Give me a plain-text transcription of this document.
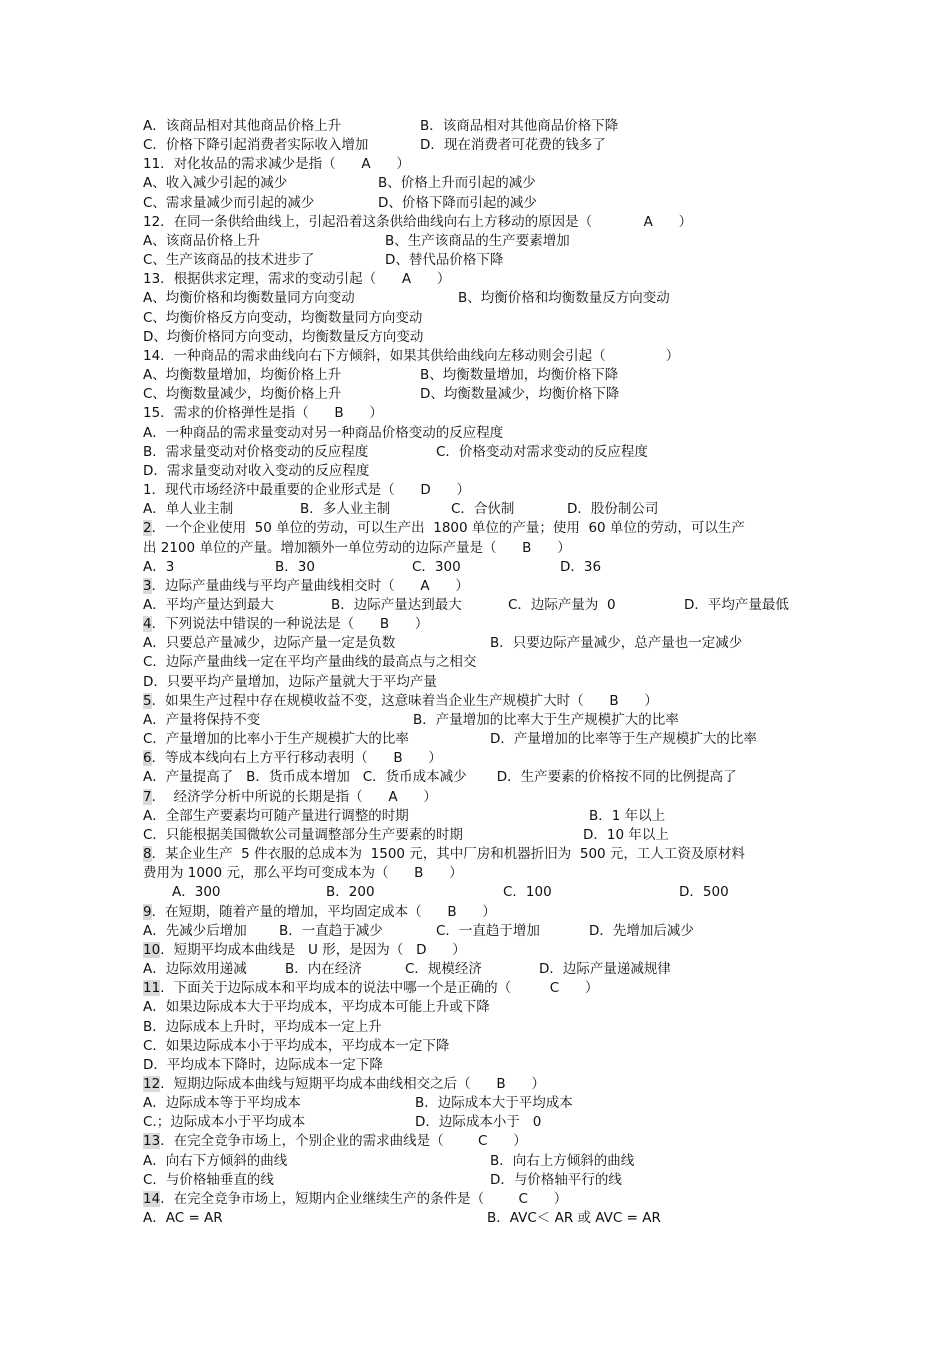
A．该商品相对其他商品价格上升	B．该商品相对其他商品价格下降
C．价格下降引起消费者实际收入增加	D．现在消费者可花费的钱多了
11．对化妆品的需求减少是指（      A      ）
A、收入减少引起的减少	B、价格上升而引起的减少
C、需求量减少而引起的减少	D、价格下降而引起的减少
12．在同一条供给曲线上，引起沿着这条供给曲线向右上方移动的原因是（            A      ）
A、该商品价格上升	B、生产该商品的生产要素增加
C、生产该商品的技术进步了	D、替代品价格下降
13．根据供求定理，需求的变动引起（      A      ）
A、均衡价格和均衡数量同方向变动	B、均衡价格和均衡数量反方向变动
C、均衡价格反方向变动，均衡数量同方向变动
D、均衡价格同方向变动，均衡数量反方向变动
14．一种商品的需求曲线向右下方倾斜，如果其供给曲线向左移动则会引起（              ）
A、均衡数量增加，均衡价格上升	B、均衡数量增加，均衡价格下降
C、均衡数量减少，均衡价格上升	D、均衡数量减少，均衡价格下降
15．需求的价格弹性是指（      B      ）
A．一种商品的需求量变动对另一种商品价格变动的反应程度
B．需求量变动对价格变动的反应程度	C．价格变动对需求变动的反应程度
D．需求量变动对收入变动的反应程度
1．现代市场经济中最重要的企业形式是（      D      ）
A．单人业主制	B．多人业主制	C．合伙制	D．股份制公司
2．一个企业使用  50 单位的劳动，可以生产出  1800 单位的产量；使用  60 单位的劳动，可以生产
出 2100 单位的产量。增加额外一单位劳动的边际产量是（      B      ）
A．3	B．30	C．300	D．36
3．边际产量曲线与平均产量曲线相交时（      A      ）
A．平均产量达到最大	B．边际产量达到最大	C．边际产量为  0	D．平均产量最低
4．下列说法中错误的一种说法是（      B      ）
A．只要总产量减少，边际产量一定是负数	B．只要边际产量减少，总产量也一定减少
C．边际产量曲线一定在平均产量曲线的最高点与之相交
D．只要平均产量增加，边际产量就大于平均产量
5．如果生产过程中存在规模收益不变，这意味着当企业生产规模扩大时（      B      ）
A．产量将保持不变	B．产量增加的比率大于生产规模扩大的比率
C．产量增加的比率小于生产规模扩大的比率	D．产量增加的比率等于生产规模扩大的比率
6．等成本线向右上方平行移动表明（      B      ）
A．产量提高了   B．货币成本增加   C．货币成本减少       D．生产要素的价格按不同的比例提高了
7．  经济学分析中所说的长期是指（      A      ）
A．全部生产要素均可随产量进行调整的时期	B．1 年以上
C．只能根据美国微软公司量调整部分生产要素的时期	D．10 年以上
8．某企业生产  5 件衣服的总成本为  1500 元，其中厂房和机器折旧为  500 元，工人工资及原材料
费用为 1000 元，那么平均可变成本为（      B      ）
A．300	B．200	C．100	D．500
9．在短期，随着产量的增加，平均固定成本（      B      ）
A．先减少后增加 B．一直趋于减少	C．一直趋于增加	D．先增加后减少
10．短期平均成本曲线是   U 形，是因为（   D      ）
A．边际效用递减	B．内在经济	C．规模经济	D．边际产量递减规律
11．下面关于边际成本和平均成本的说法中哪一个是正确的（         C      ）
A．如果边际成本大于平均成本，平均成本可能上升或下降
B．边际成本上升时，平均成本一定上升
C．如果边际成本小于平均成本，平均成本一定下降
D．平均成本下降时，边际成本一定下降
12．短期边际成本曲线与短期平均成本曲线相交之后（      B      ）
A．边际成本等于平均成本	B．边际成本大于平均成本
C.；边际成本小于平均成本	D．边际成本小于   0
13．在完全竞争市场上，个别企业的需求曲线是（        C      ）
A．向右下方倾斜的曲线	B．向右上方倾斜的曲线
C．与价格轴垂直的线	D．与价格轴平行的线
14．在完全竞争市场上，短期内企业继续生产的条件是（        C      ）
A．AC = AR	B．AVC＜ AR 或 AVC = AR
